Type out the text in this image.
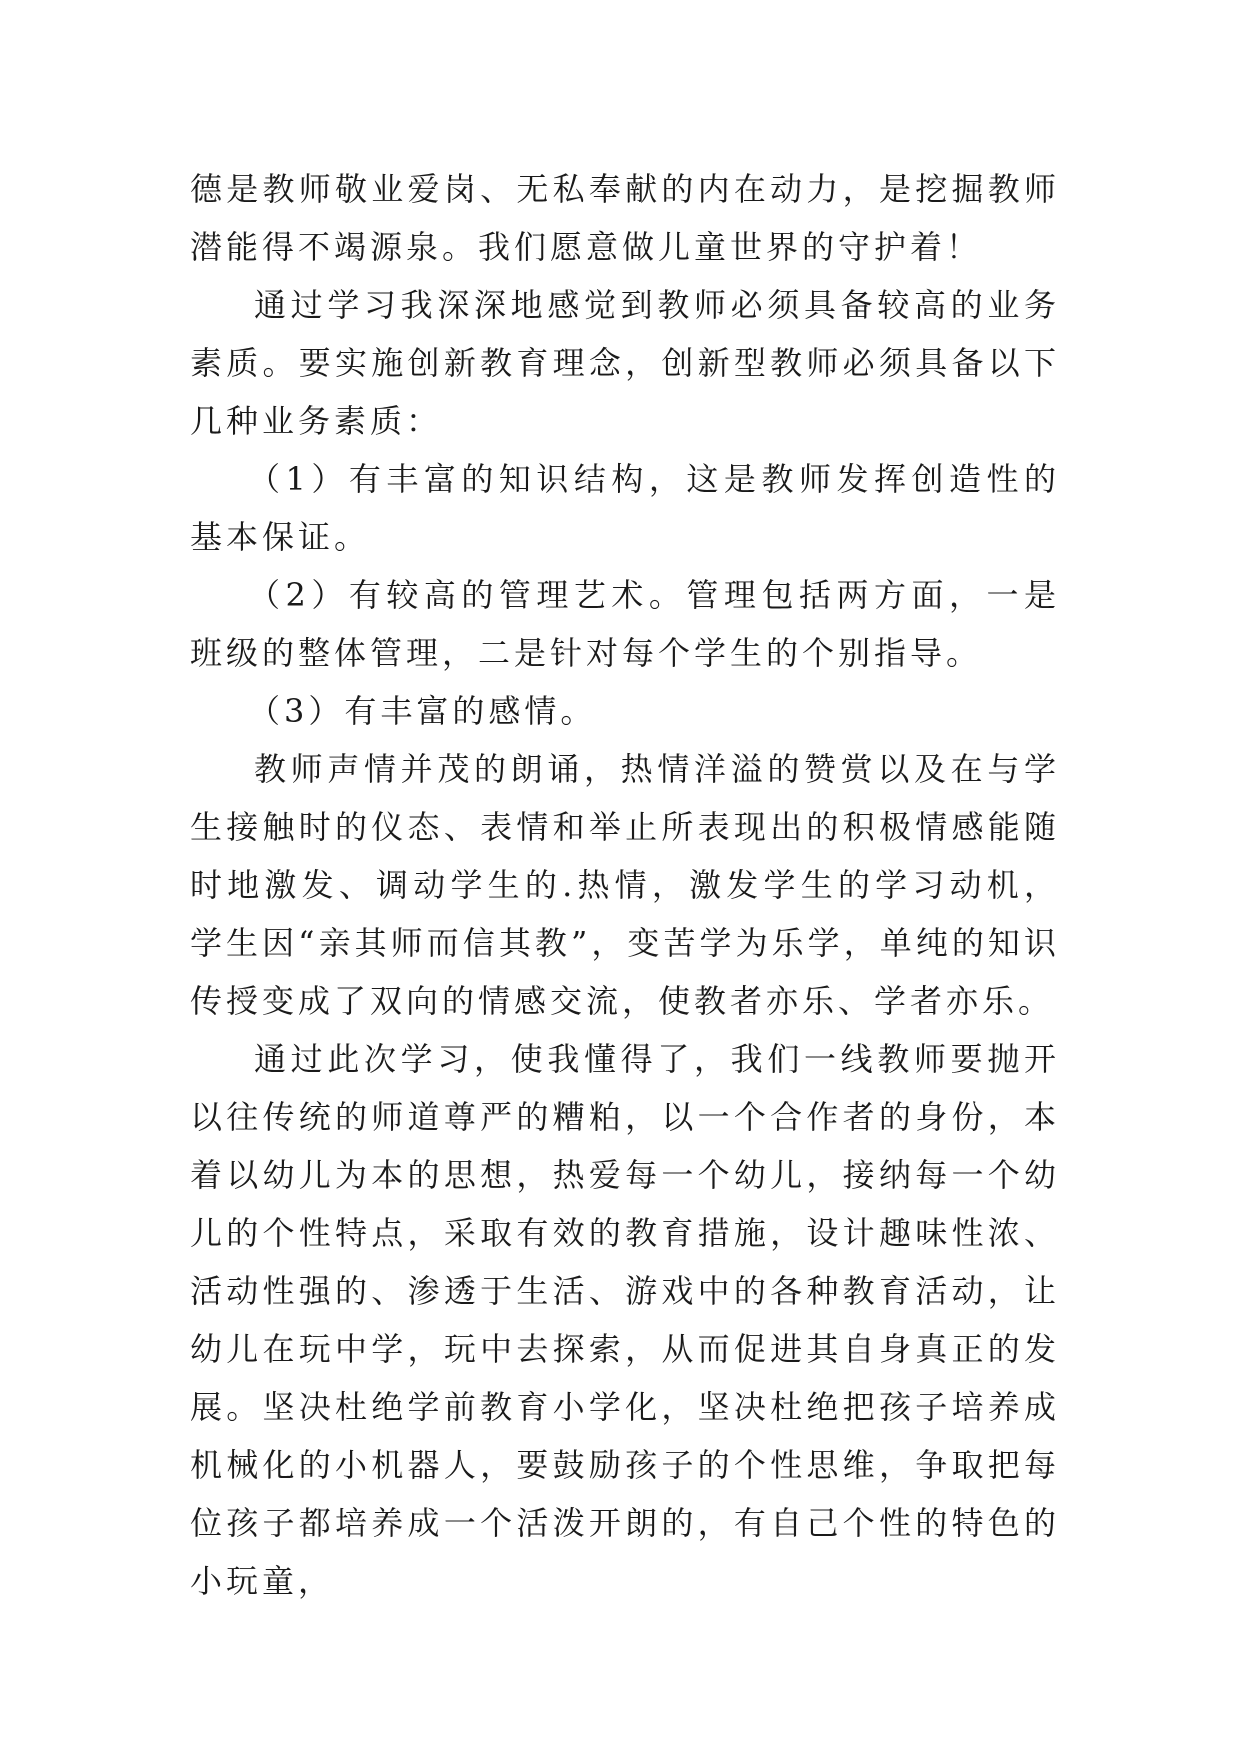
德是教师敬业爱岗、无私奉献的内在动力，是挖掘教师潜能得不竭源泉。我们愿意做儿童世界的守护着！

通过学习我深深地感觉到教师必须具备较高的业务素质。要实施创新教育理念，创新型教师必须具备以下几种业务素质：

（1）有丰富的知识结构，这是教师发挥创造性的基本保证。

（2）有较高的管理艺术。管理包括两方面，一是班级的整体管理，二是针对每个学生的个别指导。

（3）有丰富的感情。

教师声情并茂的朗诵，热情洋溢的赞赏以及在与学生接触时的仪态、表情和举止所表现出的积极情感能随时地激发、调动学生的.热情，激发学生的学习动机，学生因“亲其师而信其教”，变苦学为乐学，单纯的知识传授变成了双向的情感交流，使教者亦乐、学者亦乐。

通过此次学习，使我懂得了，我们一线教师要抛开以往传统的师道尊严的糟粕，以一个合作者的身份，本着以幼儿为本的思想，热爱每一个幼儿，接纳每一个幼儿的个性特点，采取有效的教育措施，设计趣味性浓、活动性强的、渗透于生活、游戏中的各种教育活动，让幼儿在玩中学，玩中去探索，从而促进其自身真正的发展。坚决杜绝学前教育小学化，坚决杜绝把孩子培养成机械化的小机器人，要鼓励孩子的个性思维，争取把每位孩子都培养成一个活泼开朗的，有自己个性的特色的小玩童，
